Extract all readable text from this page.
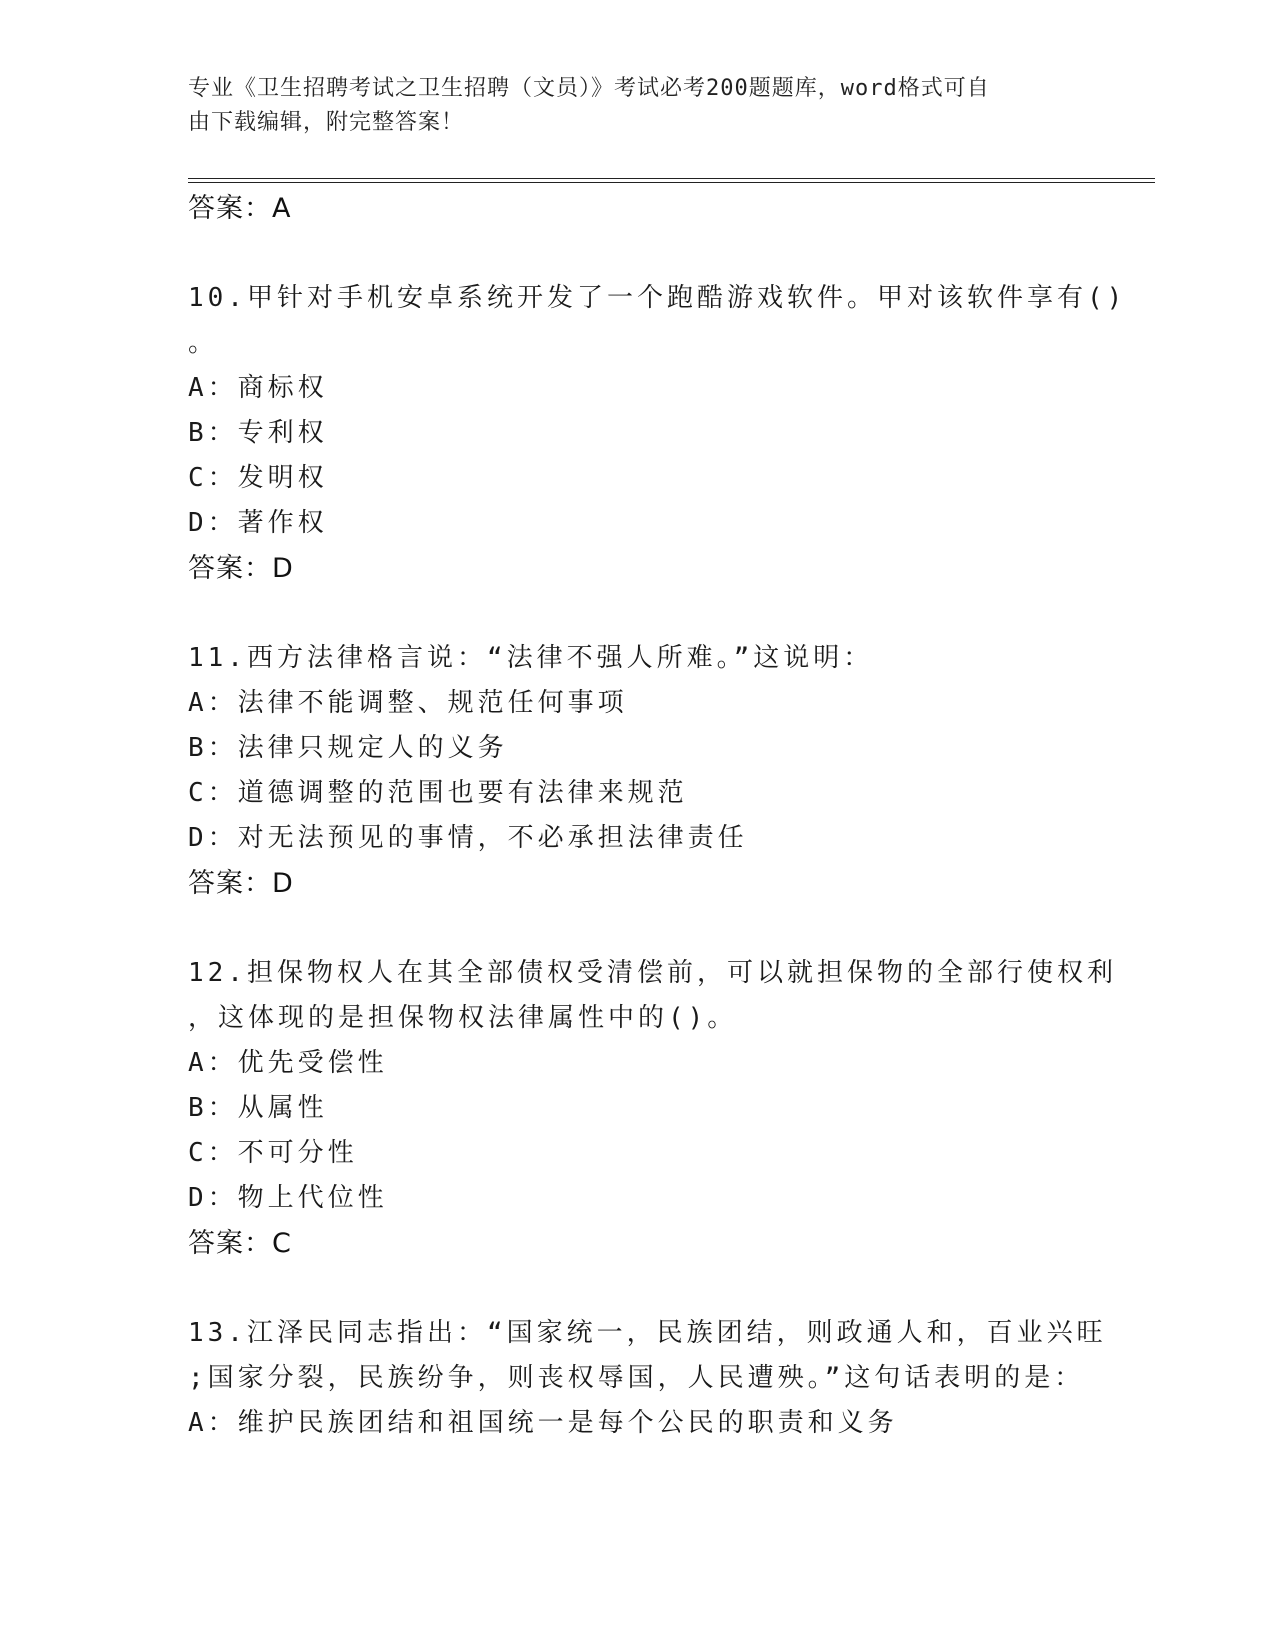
专业《卫生招聘考试之卫生招聘（文员）》考试必考200题题库，word格式可自
由下载编辑，附完整答案！
答案：A
10.甲针对手机安卓系统开发了一个跑酷游戏软件。甲对该软件享有()
。
A：商标权
B：专利权
C：发明权
D：著作权
答案：D
11.西方法律格言说：“法律不强人所难。”这说明：
A：法律不能调整、规范任何事项
B：法律只规定人的义务
C：道德调整的范围也要有法律来规范
D：对无法预见的事情，不必承担法律责任
答案：D
12.担保物权人在其全部债权受清偿前，可以就担保物的全部行使权利
，这体现的是担保物权法律属性中的()。
A：优先受偿性
B：从属性
C：不可分性
D：物上代位性
答案：C
13.江泽民同志指出：“国家统一，民族团结，则政通人和，百业兴旺
;国家分裂，民族纷争，则丧权辱国，人民遭殃。”这句话表明的是：
A：维护民族团结和祖国统一是每个公民的职责和义务
